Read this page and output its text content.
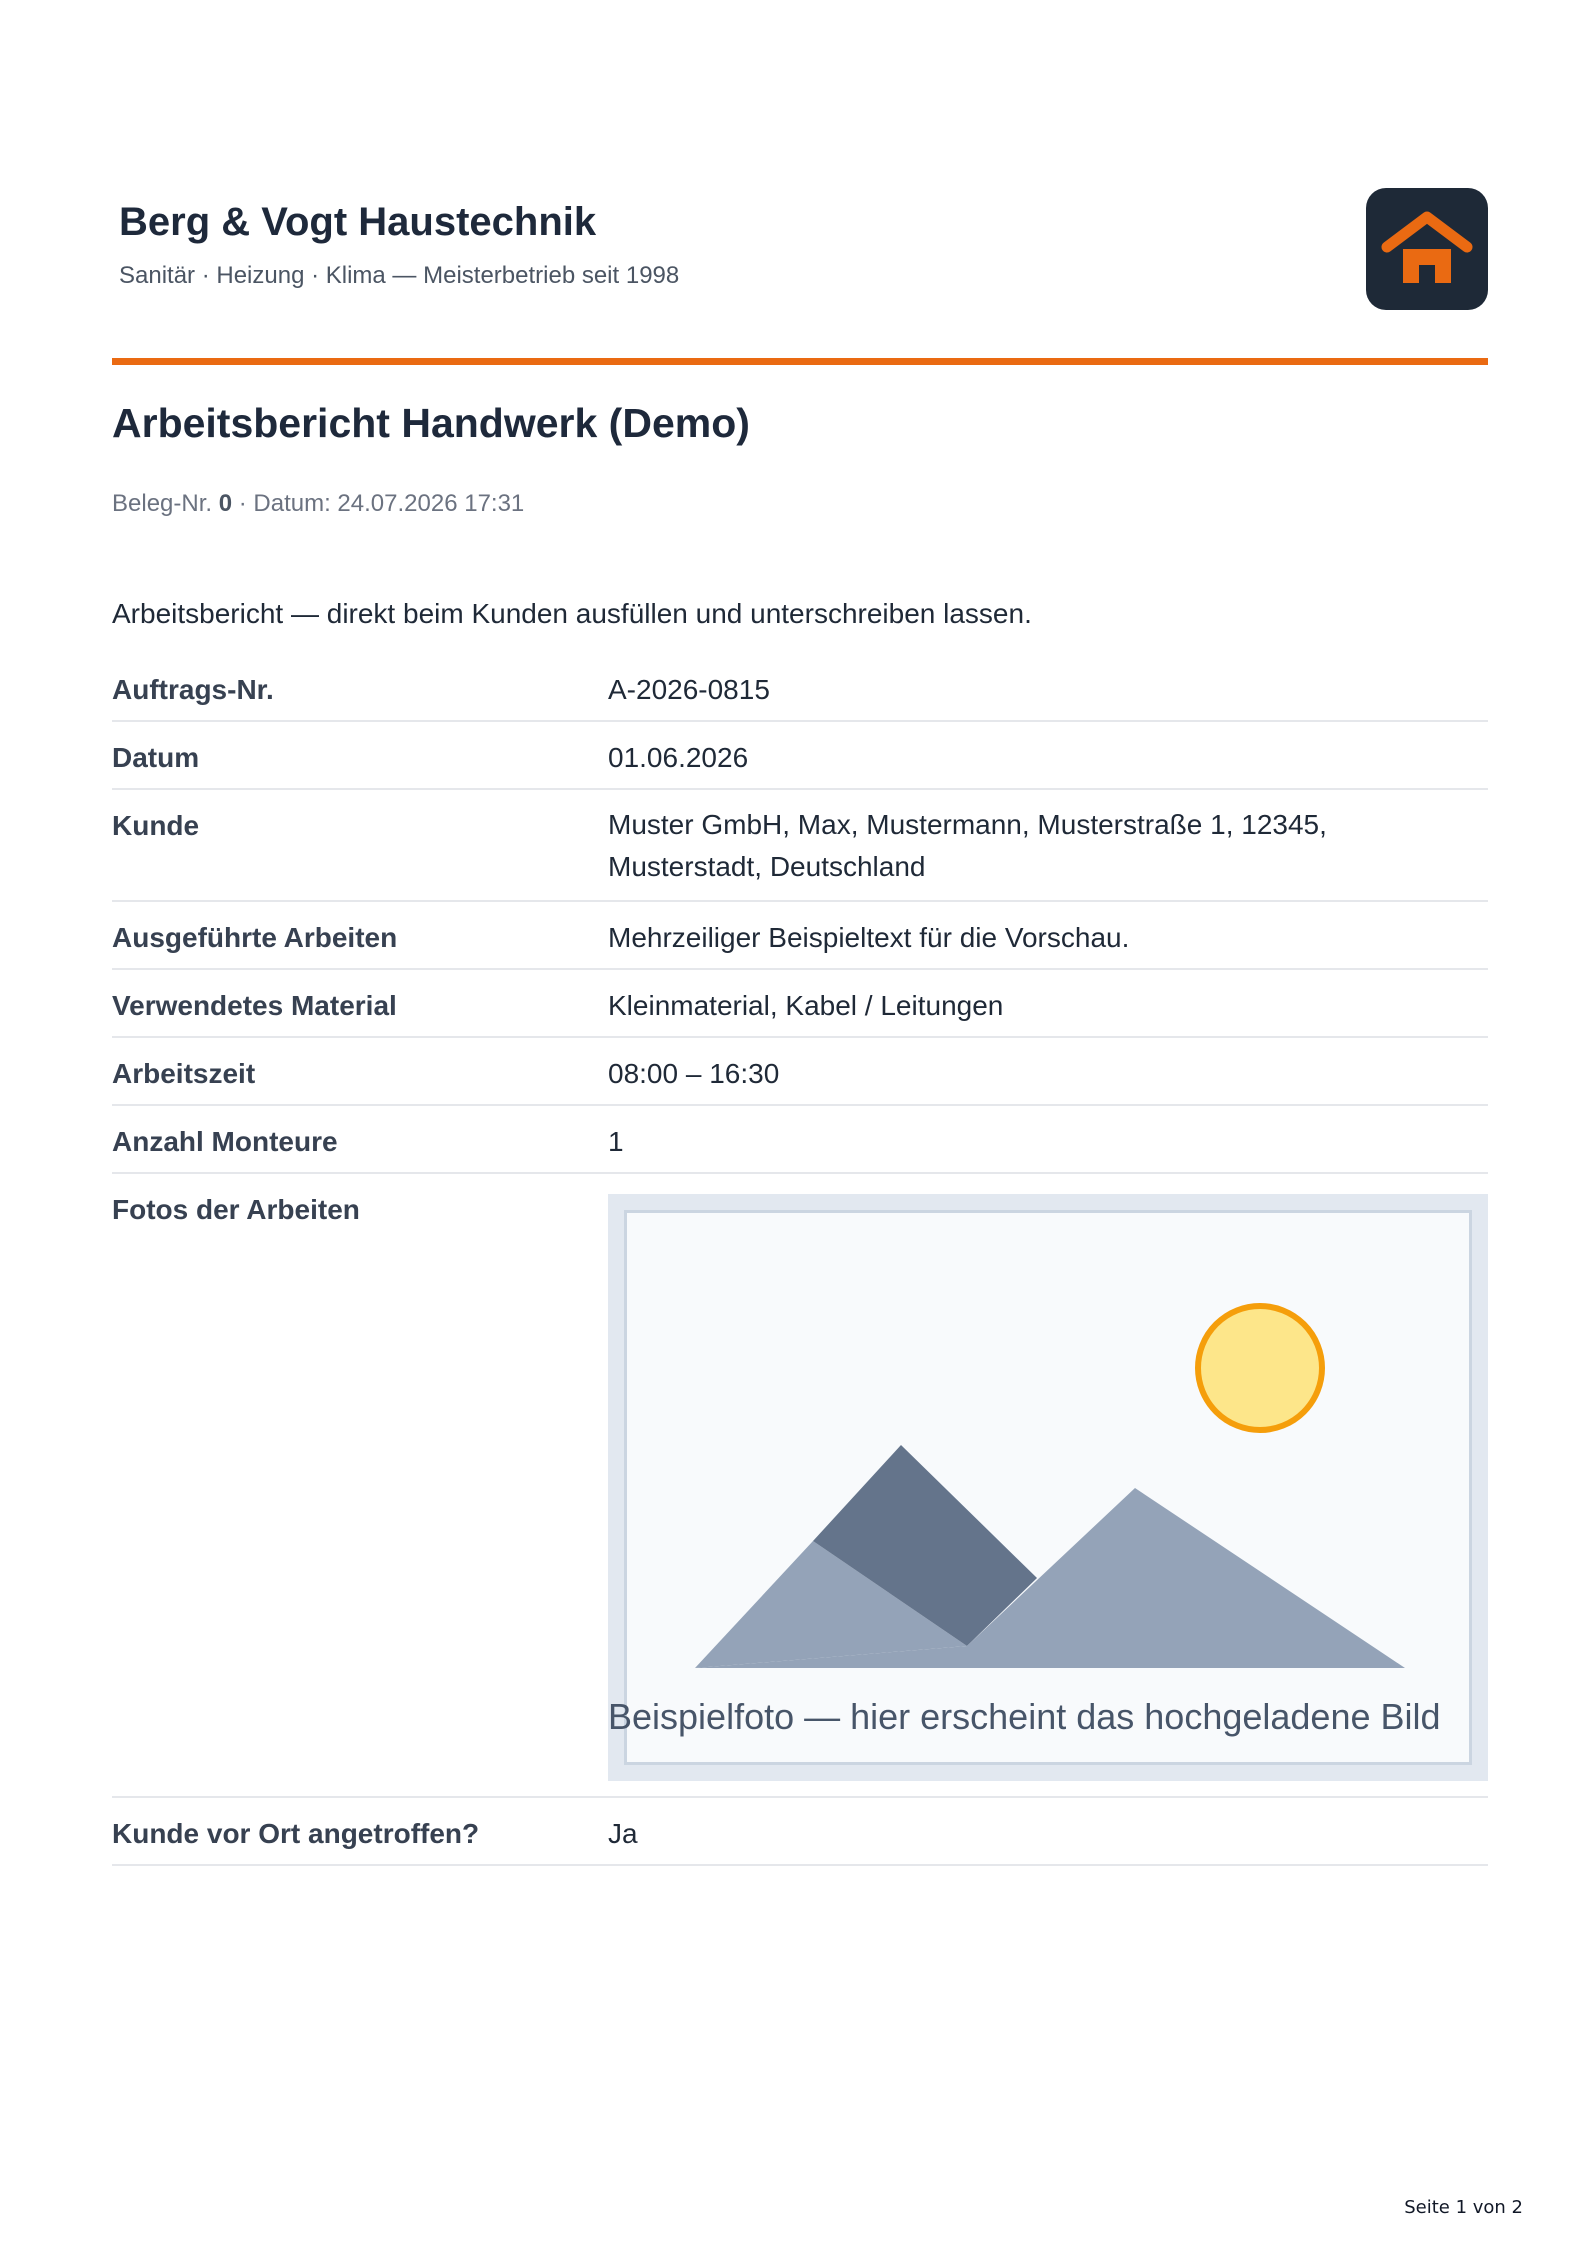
Berg & Vogt Haustechnik
Sanitär · Heizung · Klima — Meisterbetrieb seit 1998
Arbeitsbericht Handwerk (Demo)
Beleg-Nr. 0 · Datum: 24.07.2026 17:31
Arbeitsbericht — direkt beim Kunden ausfüllen und unterschreiben lassen.
Auftrags-Nr.	A-2026-0815
Datum	01.06.2026
Kunde	Muster GmbH, Max, Mustermann, Musterstraße 1, 12345, Musterstadt, Deutschland
Ausgeführte Arbeiten	Mehrzeiliger Beispieltext für die Vorschau.
Verwendetes Material	Kleinmaterial, Kabel / Leitungen
Arbeitszeit	08:00 – 16:30
Anzahl Monteure	1
Fotos der Arbeiten
Beispielfoto — hier erscheint das hochgeladene Bild
Kunde vor Ort angetroffen?	Ja
Seite 1 von 2
